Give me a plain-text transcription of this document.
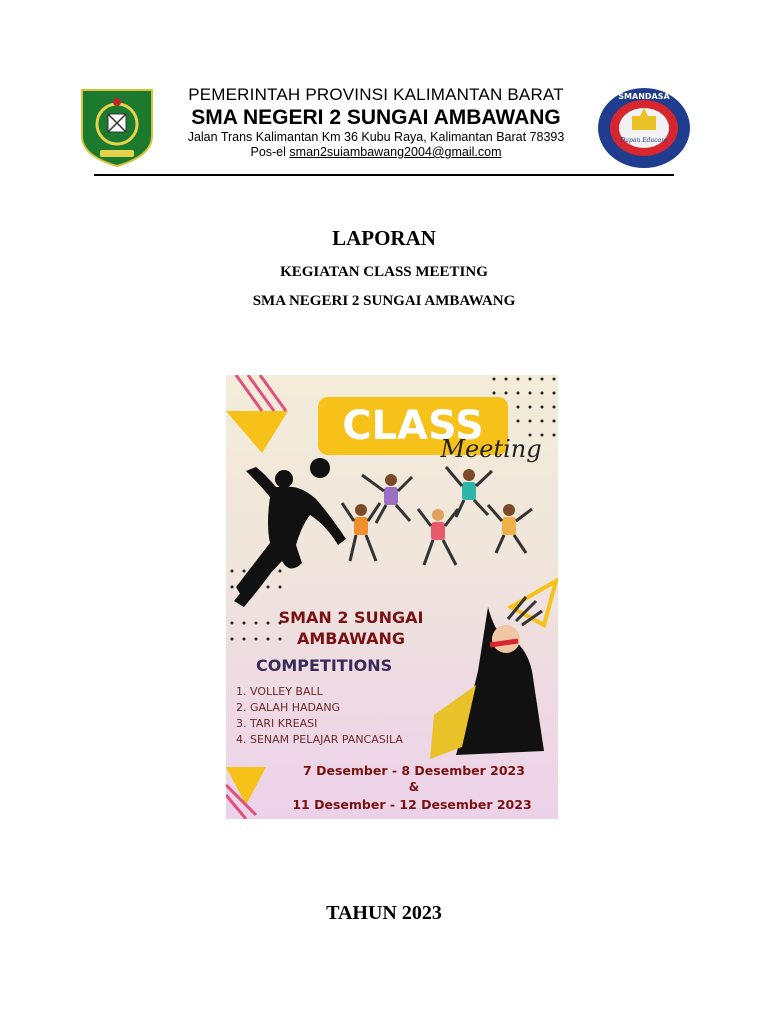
PEMERINTAH PROVINSI KALIMANTAN BARAT
SMA NEGERI 2 SUNGAI AMBAWANG
Jalan Trans Kalimantan Km 36 Kubu Raya, Kalimantan Barat 78393
Pos-el sman2suiambawang2004@gmail.com
SMANDASA
Dupan Educare
LAPORAN
KEGIATAN CLASS MEETING
SMA NEGERI 2 SUNGAI AMBAWANG
CLASS
Meeting
SMAN 2 SUNGAI
AMBAWANG
COMPETITIONS
1. VOLLEY BALL
2. GALAH HADANG
3. TARI KREASI
4. SENAM PELAJAR PANCASILA
7 Desember - 8 Desember 2023
&
11 Desember - 12 Desember 2023
TAHUN 2023
